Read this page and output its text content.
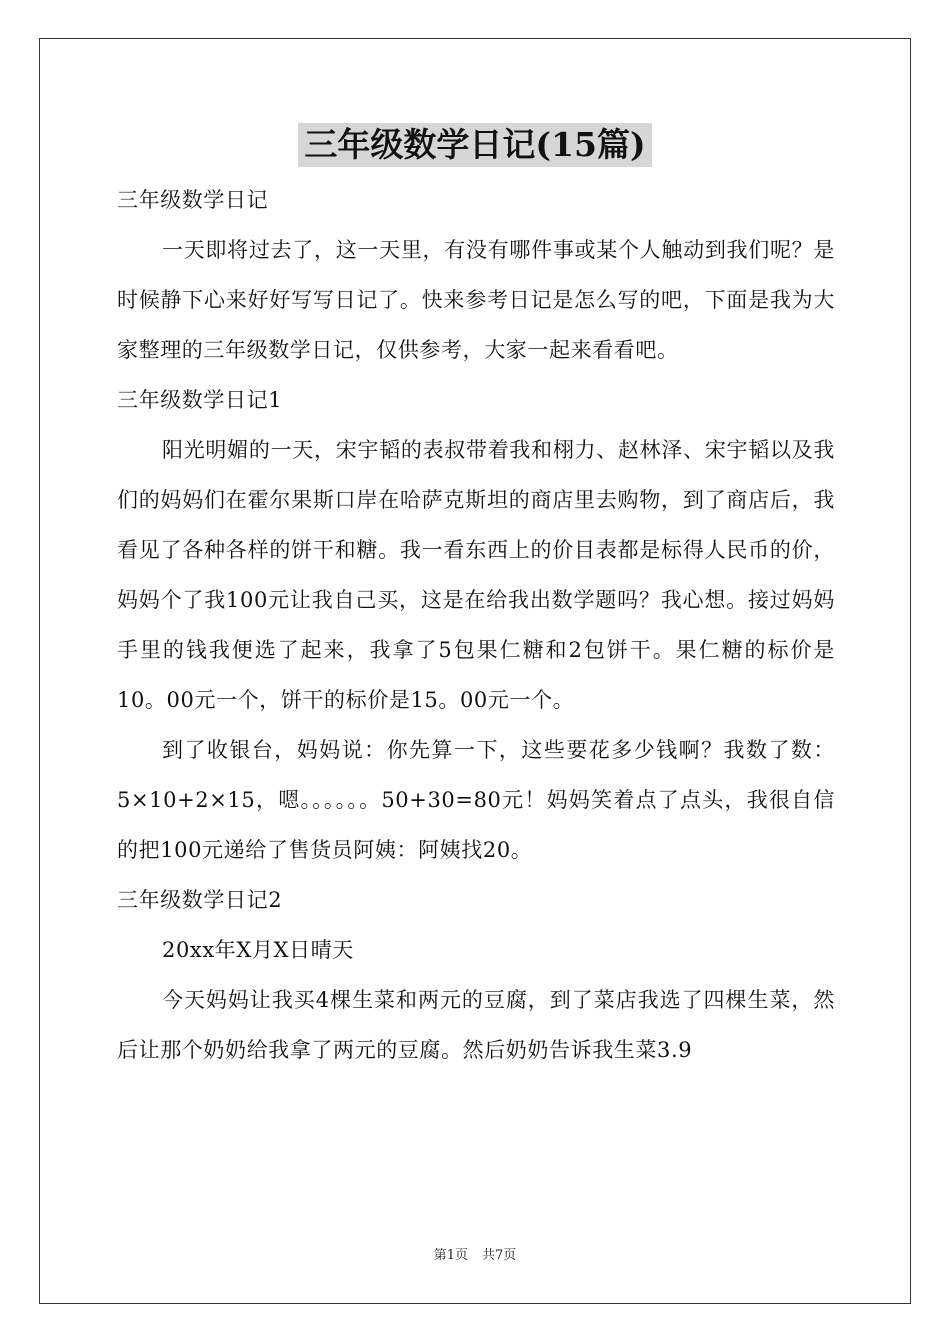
三年级数学日记(15篇)

三年级数学日记

一天即将过去了，这一天里，有没有哪件事或某个人触动到我们呢？是时候静下心来好好写写日记了。快来参考日记是怎么写的吧，下面是我为大家整理的三年级数学日记，仅供参考，大家一起来看看吧。

三年级数学日记1

阳光明媚的一天，宋宇韬的表叔带着我和栩力、赵林泽、宋宇韬以及我们的妈妈们在霍尔果斯口岸在哈萨克斯坦的商店里去购物，到了商店后，我看见了各种各样的饼干和糖。我一看东西上的价目表都是标得人民币的价，妈妈个了我100元让我自己买，这是在给我出数学题吗？我心想。接过妈妈手里的钱我便选了起来，我拿了5包果仁糖和2包饼干。果仁糖的标价是10。00元一个，饼干的标价是15。00元一个。

到了收银台，妈妈说：你先算一下，这些要花多少钱啊？我数了数：5×10+2×15，嗯。。。。。。50+30=80元！妈妈笑着点了点头，我很自信的把100元递给了售货员阿姨：阿姨找20。

三年级数学日记2

20xx年X月X日晴天

今天妈妈让我买4棵生菜和两元的豆腐，到了菜店我选了四棵生菜，然后让那个奶奶给我拿了两元的豆腐。然后奶奶告诉我生菜3.9

第1页 共7页
